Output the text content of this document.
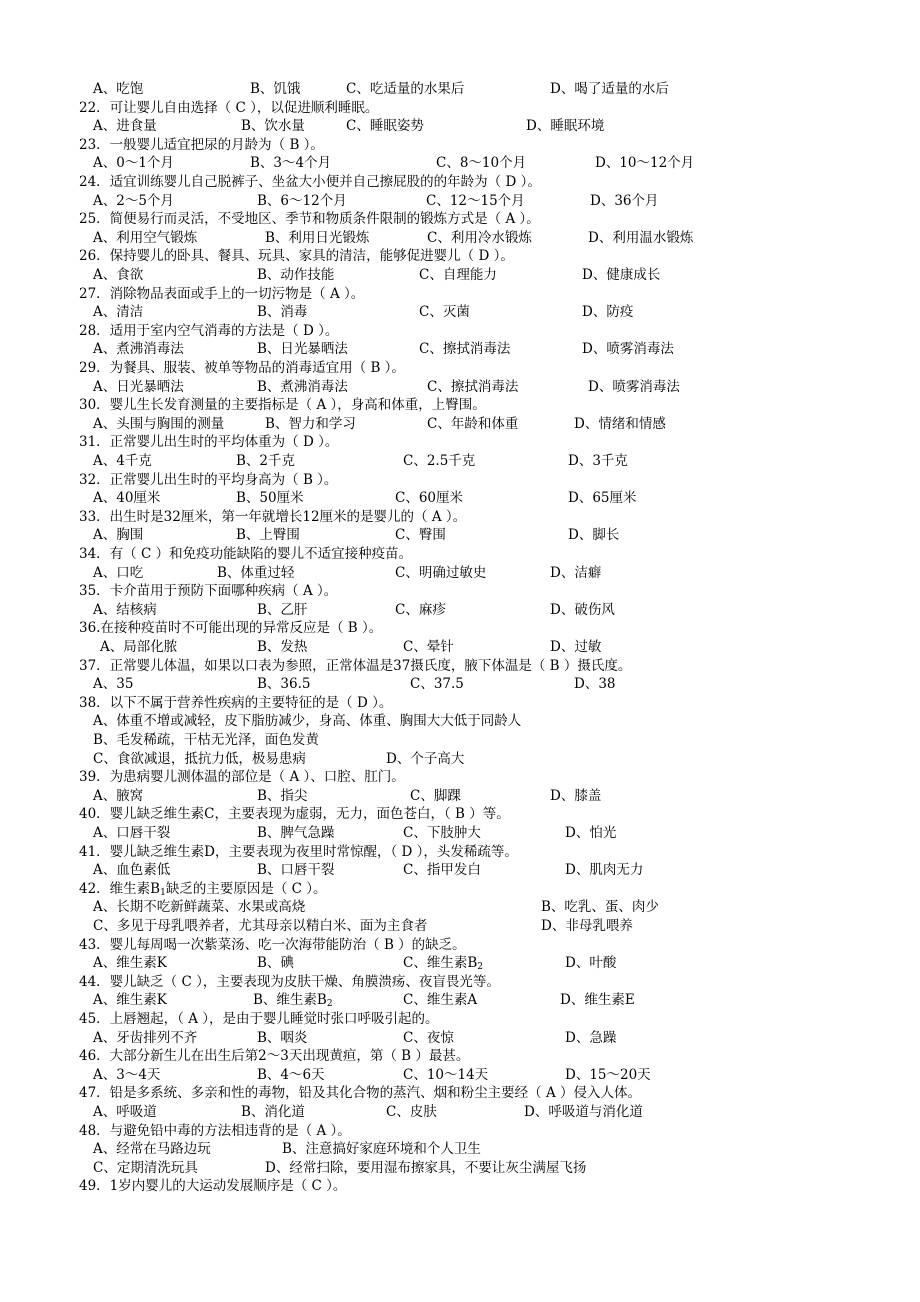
A、吃饱	B、饥饿	C、吃适量的水果后	D、喝了适量的水后
22．可让婴儿自由选择（ C ），以促进顺利睡眠。
A、进食量	B、饮水量	C、睡眠姿势	D、睡眠环境
23．一般婴儿适宜把尿的月龄为（ B ）。
A、0～1个月	B、3～4个月	C、8～10个月	D、10～12个月
24．适宜训练婴儿自己脱裤子、坐盆大小便并自己擦屁股的的年龄为（ D ）。
A、2～5个月	B、6～12个月	C、12～15个月	D、36个月
25．简便易行而灵活，不受地区、季节和物质条件限制的锻炼方式是（ A ）。
A、利用空气锻炼	B、利用日光锻炼	C、利用冷水锻炼	D、利用温水锻炼
26．保持婴儿的卧具、餐具、玩具、家具的清洁，能够促进婴儿（ D ）。
A、食欲	B、动作技能	C、自理能力	D、健康成长
27．消除物品表面或手上的一切污物是（ A ）。
A、清洁	B、消毒	C、灭菌	D、防疫
28．适用于室内空气消毒的方法是（ D ）。
A、煮沸消毒法	B、日光暴晒法	C、擦拭消毒法	D、喷雾消毒法
29．为餐具、服装、被单等物品的消毒适宜用（ B ）。
A、日光暴晒法	B、煮沸消毒法	C、擦拭消毒法	D、喷雾消毒法
30．婴儿生长发育测量的主要指标是（ A ），身高和体重，上臀围。
A、头围与胸围的测量	B、智力和学习	C、年龄和体重	D、情绪和情感
31．正常婴儿出生时的平均体重为（ D ）。
A、4千克	B、2千克	C、2.5千克	D、3千克
32．正常婴儿出生时的平均身高为（ B ）。
A、40厘米	B、50厘米	C、60厘米	D、65厘米
33．出生时是32厘米，第一年就增长12厘米的是婴儿的（ A ）。
A、胸围	B、上臀围	C、臀围	D、脚长
34．有（ C ）和免疫功能缺陷的婴儿不适宜接种疫苗。
A、口吃	B、体重过轻	C、明确过敏史	D、洁癖
35．卡介苗用于预防下面哪种疾病（ A ）。
A、结核病	B、乙肝	C、麻疹	D、破伤风
36.在接种疫苗时不可能出现的异常反应是（ B ）。
A、局部化脓	B、发热	C、晕针	D、过敏
37．正常婴儿体温，如果以口表为参照，正常体温是37摄氏度，腋下体温是（ B ）摄氏度。
A、35	B、36.5	C、37.5	D、38
38．以下不属于营养性疾病的主要特征的是（ D ）。
A、体重不增或减轻，皮下脂肪减少，身高、体重、胸围大大低于同龄人
B、毛发稀疏，干枯无光泽，面色发黄
C、食欲减退，抵抗力低，极易患病	D、个子高大
39．为患病婴儿测体温的部位是（ A ）、口腔、肛门。
A、腋窝	B、指尖	C、脚踝	D、膝盖
40．婴儿缺乏维生素C，主要表现为虚弱，无力，面色苍白，（ B ）等。
A、口唇干裂	B、脾气急躁	C、下肢肿大	D、怕光
41．婴儿缺乏维生素D，主要表现为夜里时常惊醒，（ D ），头发稀疏等。
A、血色素低	B、口唇干裂	C、指甲发白	D、肌肉无力
42．维生素$B_1$缺乏的主要原因是（ C ）。
A、长期不吃新鲜蔬菜、水果或高烧	B、吃乳、蛋、肉少
C、多见于母乳喂养者，尤其母亲以精白米、面为主食者	D、非母乳喂养
43．婴儿每周喝一次紫菜汤、吃一次海带能防治（ B ）的缺乏。
A、维生素K	B、碘	C、维生素$B_2$	D、叶酸
44．婴儿缺乏（ C ），主要表现为皮肤干燥、角膜溃疡、夜盲畏光等。
A、维生素K	B、维生素$B_2$	C、维生素A	D、维生素E
45．上唇翘起，（ A ），是由于婴儿睡觉时张口呼吸引起的。
A、牙齿排列不齐	B、咽炎	C、夜惊	D、急躁
46．大部分新生儿在出生后第2～3天出现黄疸，第（ B ）最甚。
A、3～4天	B、4～6天	C、10～14天	D、15～20天
47．铅是多系统、多亲和性的毒物，铅及其化合物的蒸汽、烟和粉尘主要经（ A ）侵入人体。
A、呼吸道	B、消化道	C、皮肤	D、呼吸道与消化道
48．与避免铅中毒的方法相违背的是（ A ）。
A、经常在马路边玩	B、注意搞好家庭环境和个人卫生
C、定期清洗玩具	D、经常扫除，要用湿布擦家具，不要让灰尘满屋飞扬
49．1岁内婴儿的大运动发展顺序是（ C ）。
